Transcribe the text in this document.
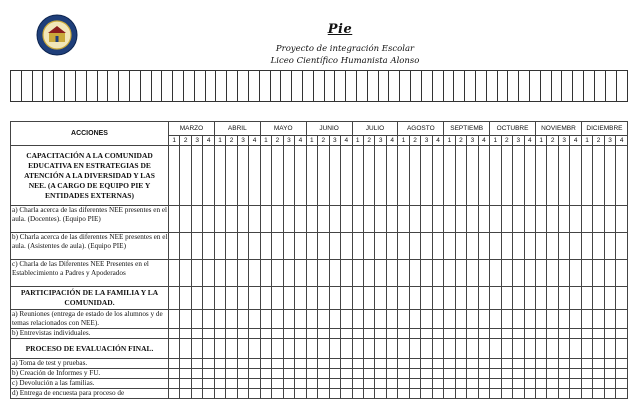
Pie
Proyecto de integración Escolar
Liceo Científico Humanista Alonso

ACCIONES	MARZO				ABRIL				MAYO				JUNIO				JULIO				AGOSTO				SEPTIEMB				OCTUBRE				NOVIEMBR				DICIEMBRE			
	1	2	3	4	1	2	3	4	1	2	3	4	1	2	3	4	1	2	3	4	1	2	3	4	1	2	3	4	1	2	3	4	1	2	3	4	1	2	3	4
CAPACITACIÓN A LA COMUNIDAD EDUCATIVA EN ESTRATEGIAS DE ATENCIÓN A LA DIVERSIDAD Y LAS NEE. (A CARGO DE EQUIPO PIE Y ENTIDADES EXTERNAS)																																								
a) Charla acerca de las diferentes NEE presentes en el aula. (Docentes). (Equipo PIE)																																								
b) Charla acerca de las diferentes NEE presentes en el aula. (Asistentes de aula). (Equipo PIE)																																								
c) Charla de las Diferentes NEE Presentes en el Establecimiento a Padres y Apoderados																																								
PARTICIPACIÓN DE LA FAMILIA Y LA COMUNIDAD.																																								
a) Reuniones (entrega de estado de los alumnos y de temas relacionados con NEE).																																								
b) Entrevistas individuales.																																								
PROCESO DE EVALUACIÓN FINAL.																																								
a) Toma de test y pruebas.																																								
b) Creación de Informes y FU.																																								
c) Devolución a las familias.																																								
d) Entrega de encuesta para proceso de																																								
